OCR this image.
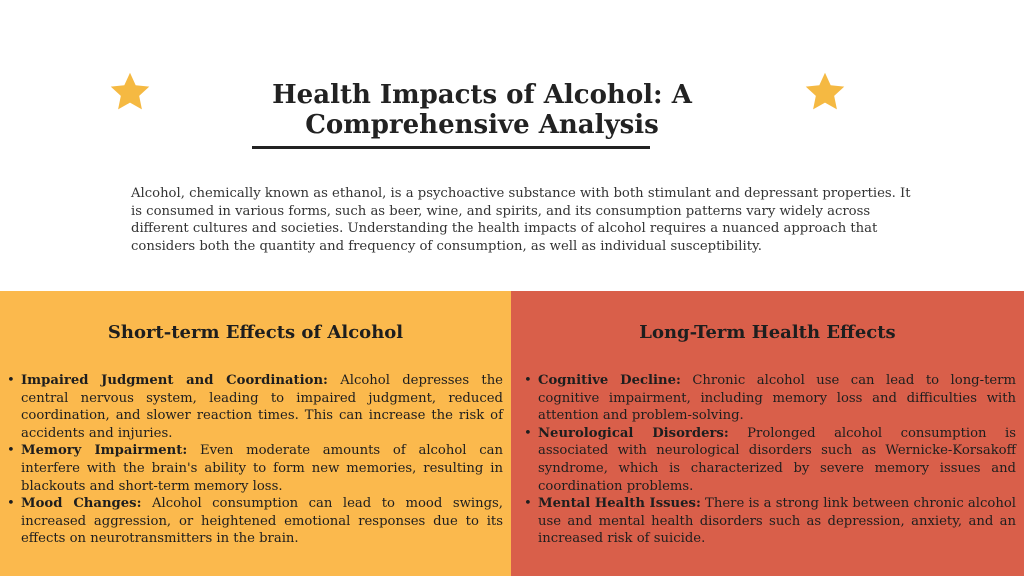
Health Impacts of Alcohol: A
Comprehensive Analysis

Alcohol, chemically known as ethanol, is a psychoactive substance with both stimulant and depressant properties. It is consumed in various forms, such as beer, wine, and spirits, and its consumption patterns vary widely across different cultures and societies. Understanding the health impacts of alcohol requires a nuanced approach that considers both the quantity and frequency of consumption, as well as individual susceptibility.

Short-term Effects of Alcohol
• Impaired Judgment and Coordination: Alcohol depresses the central nervous system, leading to impaired judgment, reduced coordination, and slower reaction times. This can increase the risk of accidents and injuries.
• Memory Impairment: Even moderate amounts of alcohol can interfere with the brain's ability to form new memories, resulting in blackouts and short-term memory loss.
• Mood Changes: Alcohol consumption can lead to mood swings, increased aggression, or heightened emotional responses due to its effects on neurotransmitters in the brain.
Long-Term Health Effects
• Cognitive Decline: Chronic alcohol use can lead to long-term cognitive impairment, including memory loss and difficulties with attention and problem-solving.
• Neurological Disorders: Prolonged alcohol consumption is associated with neurological disorders such as Wernicke-Korsakoff syndrome, which is characterized by severe memory issues and coordination problems.
• Mental Health Issues: There is a strong link between chronic alcohol use and mental health disorders such as depression, anxiety, and an increased risk of suicide.
